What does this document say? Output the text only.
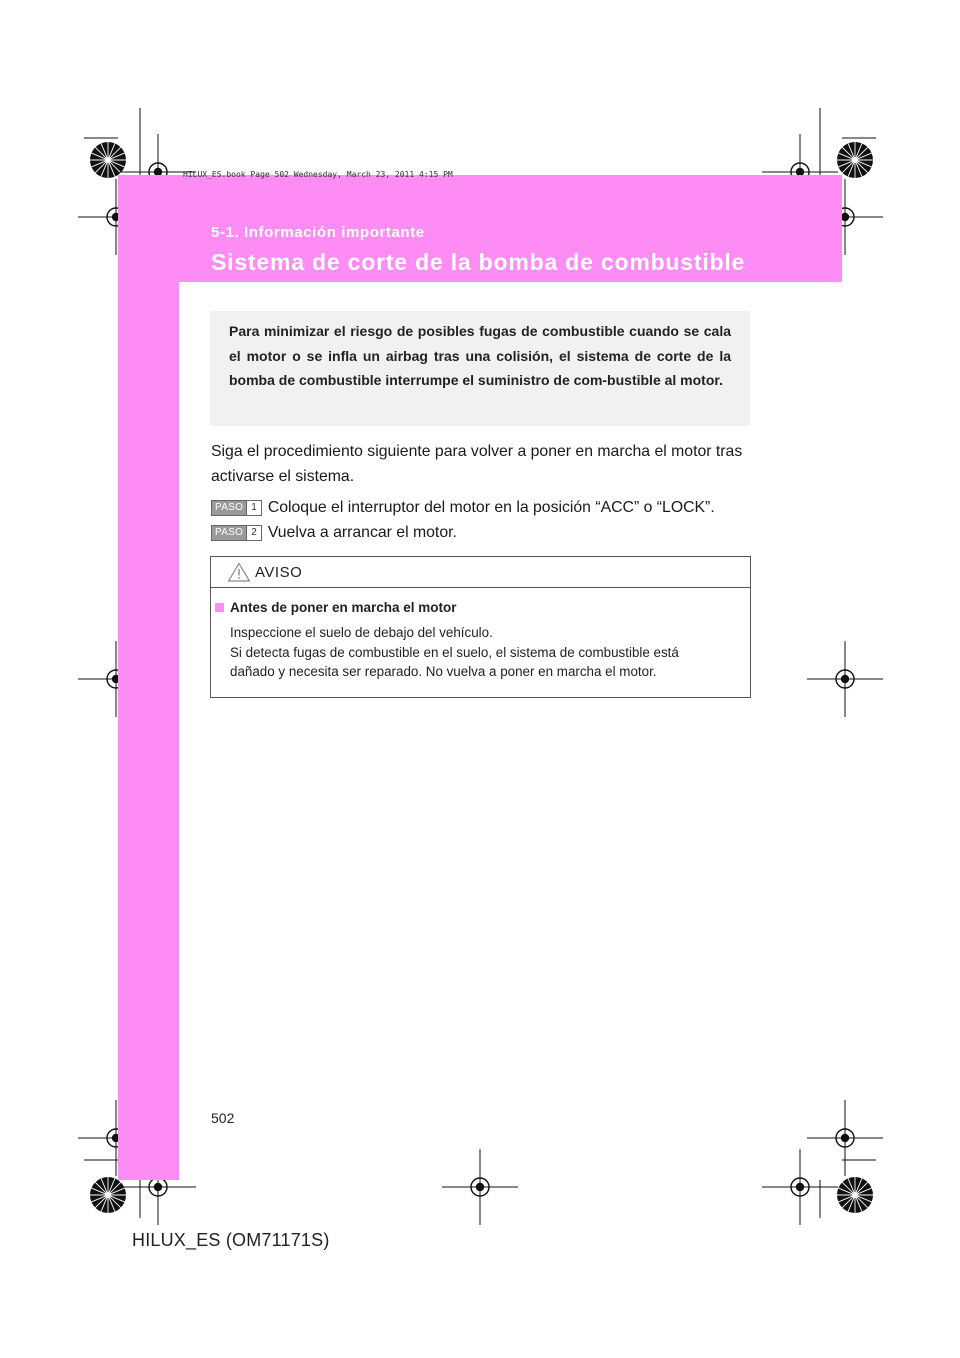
HILUX_ES.book Page 502 Wednesday, March 23, 2011 4:15 PM
5-1. Información importante
Sistema de corte de la bomba de combustible
Para minimizar el riesgo de posibles fugas de combustible cuando se cala el motor o se infla un airbag tras una colisión, el sistema de corte de la bomba de combustible interrumpe el suministro de com-bustible al motor.
Siga el procedimiento siguiente para volver a poner en marcha el motor tras activarse el sistema.
PASO 1 Coloque el interruptor del motor en la posición “ACC” o “LOCK”.
PASO 2 Vuelva a arrancar el motor.
AVISO
Antes de poner en marcha el motor
Inspeccione el suelo de debajo del vehículo.
Si detecta fugas de combustible en el suelo, el sistema de combustible está
dañado y necesita ser reparado. No vuelva a poner en marcha el motor.
502
HILUX_ES (OM71171S)
